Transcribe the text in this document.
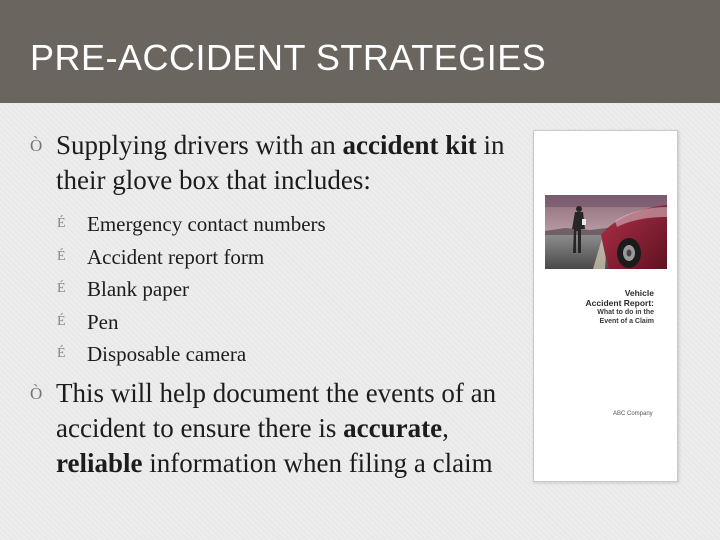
PRE-ACCIDENT STRATEGIES
Ò Supplying drivers with an accident kit in their glove box that includes:
É Emergency contact numbers
É Accident report form
É Blank paper
É Pen
É Disposable camera
Ò This will help document the events of an accident to ensure there is accurate, reliable information when filing a claim
Vehicle
Accident Report:
What to do in the
Event of a Claim
ABC Company
